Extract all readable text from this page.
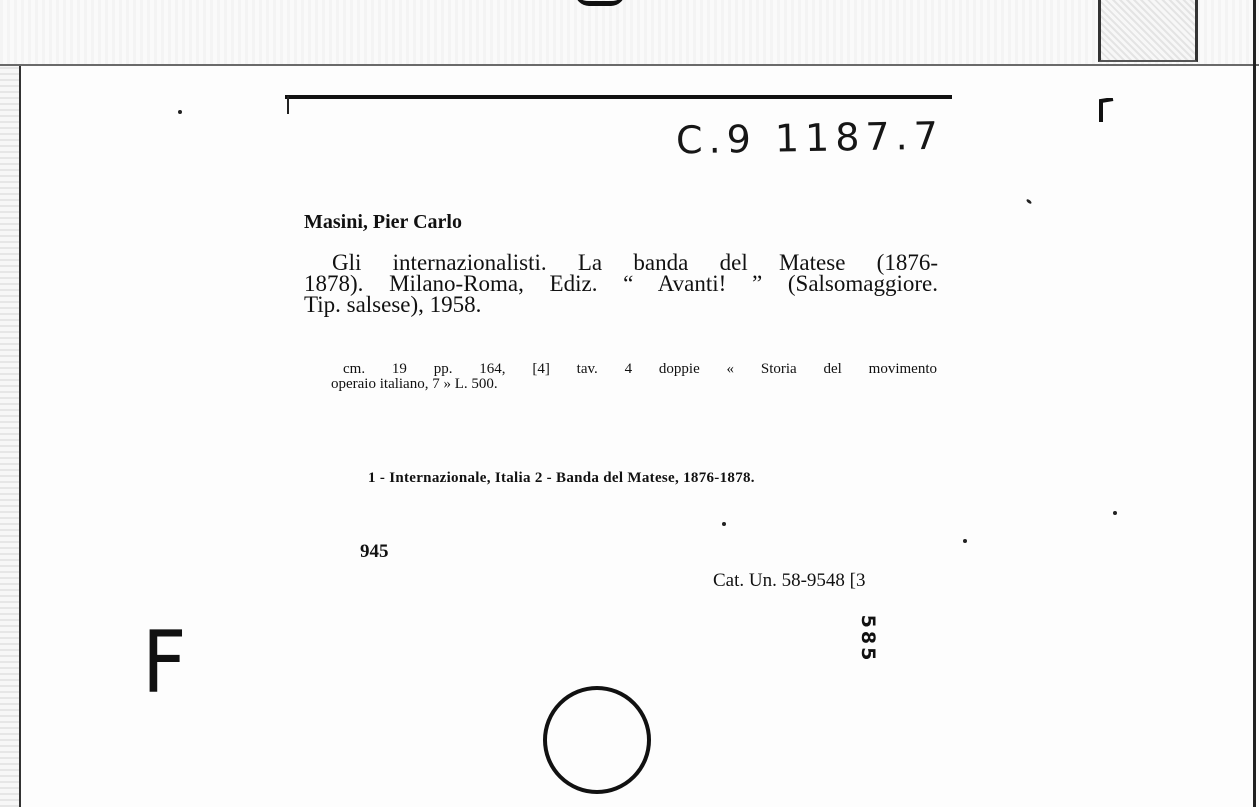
C.9 1187.7
Masini, Pier Carlo
Gli internazionalisti. La banda del Matese (1876-
1878). Milano-Roma, Ediz. “ Avanti! ” (Salsomaggiore.
Tip. salsese), 1958.
cm. 19 pp. 164, [4] tav. 4 doppie « Storia del movimento
operaio italiano, 7 » L. 500.
1 - Internazionale, Italia 2 - Banda del Matese, 1876-1878.
945
Cat. Un. 58-9548 [3
585
F
